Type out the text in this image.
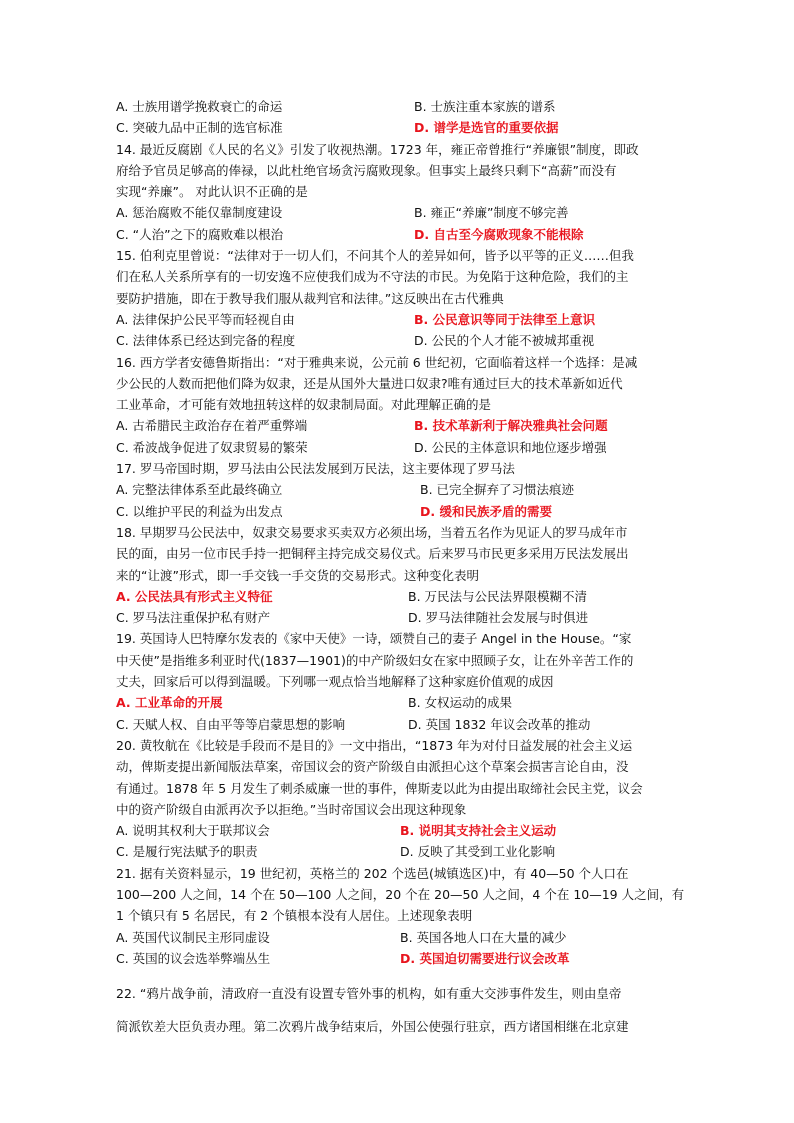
A. 士族用谱学挽救衰亡的命运	B. 士族注重本家族的谱系
C. 突破九品中正制的选官标准	D. 谱学是选官的重要依据
14. 最近反腐剧《人民的名义》引发了收视热潮。1723 年，雍正帝曾推行“养廉银”制度，即政
府给予官员足够高的俸禄，以此杜绝官场贪污腐败现象。但事实上最终只剩下“高薪”而没有
实现“养廉”。 对此认识不正确的是
A. 惩治腐败不能仅靠制度建设	B. 雍正“养廉”制度不够完善
C. “人治”之下的腐败难以根治	D. 自古至今腐败现象不能根除
15. 伯利克里曾说：“法律对于一切人们，不问其个人的差异如何，皆予以平等的正义……但我
们在私人关系所享有的一切安逸不应使我们成为不守法的市民。为免陷于这种危险，我们的主
要防护措施，即在于教导我们服从裁判官和法律。”这反映出在古代雅典
A. 法律保护公民平等而轻视自由	B. 公民意识等同于法律至上意识
C. 法律体系已经达到完备的程度	D. 公民的个人才能不被城邦重视
16. 西方学者安德鲁斯指出：“对于雅典来说，公元前 6 世纪初，它面临着这样一个选择：是减
少公民的人数而把他们降为奴隶，还是从国外大量进口奴隶?唯有通过巨大的技术革新如近代
工业革命，才可能有效地扭转这样的奴隶制局面。对此理解正确的是
A. 古希腊民主政治存在着严重弊端	B. 技术革新利于解决雅典社会问题
C. 希波战争促进了奴隶贸易的繁荣	D. 公民的主体意识和地位逐步增强
17. 罗马帝国时期，罗马法由公民法发展到万民法，这主要体现了罗马法
A. 完整法律体系至此最终确立	B. 已完全摒弃了习惯法痕迹
C. 以维护平民的利益为出发点	D. 缓和民族矛盾的需要
18. 早期罗马公民法中，奴隶交易要求买卖双方必须出场，当着五名作为见证人的罗马成年市
民的面，由另一位市民手持一把铜秤主持完成交易仪式。后来罗马市民更多采用万民法发展出
来的“让渡”形式，即一手交钱一手交货的交易形式。这种变化表明
A. 公民法具有形式主义特征	B. 万民法与公民法界限模糊不清
C. 罗马法注重保护私有财产	D. 罗马法律随社会发展与时俱进
19. 英国诗人巴特摩尔发表的《家中天使》一诗，颂赞自己的妻子 Angel in the House。“家
中天使”是指维多利亚时代(1837—1901)的中产阶级妇女在家中照顾子女，让在外辛苦工作的
丈夫，回家后可以得到温暖。下列哪一观点恰当地解释了这种家庭价值观的成因
A. 工业革命的开展	B. 女权运动的成果
C. 天赋人权、自由平等等启蒙思想的影响	D. 英国 1832 年议会改革的推动
20. 黄牧航在《比较是手段而不是目的》一文中指出，“1873 年为对付日益发展的社会主义运
动，俾斯麦提出新闻版法草案，帝国议会的资产阶级自由派担心这个草案会损害言论自由，没
有通过。1878 年 5 月发生了刺杀威廉一世的事件，俾斯麦以此为由提出取缔社会民主党，议会
中的资产阶级自由派再次予以拒绝。”当时帝国议会出现这种现象
A. 说明其权利大于联邦议会	B. 说明其支持社会主义运动
C. 是履行宪法赋予的职责	D. 反映了其受到工业化影响
21. 据有关资料显示，19 世纪初，英格兰的 202 个选邑(城镇选区)中，有 40—50 个人口在
100—200 人之间，14 个在 50—100 人之间，20 个在 20—50 人之间，4 个在 10—19 人之间，有
1 个镇只有 5 名居民，有 2 个镇根本没有人居住。上述现象表明
A. 英国代议制民主形同虚设	B. 英国各地人口在大量的减少
C. 英国的议会选举弊端丛生	D. 英国迫切需要进行议会改革
22. “鸦片战争前，清政府一直没有设置专管外事的机构，如有重大交涉事件发生，则由皇帝
简派钦差大臣负责办理。第二次鸦片战争结束后，外国公使强行驻京，西方诸国相继在北京建
